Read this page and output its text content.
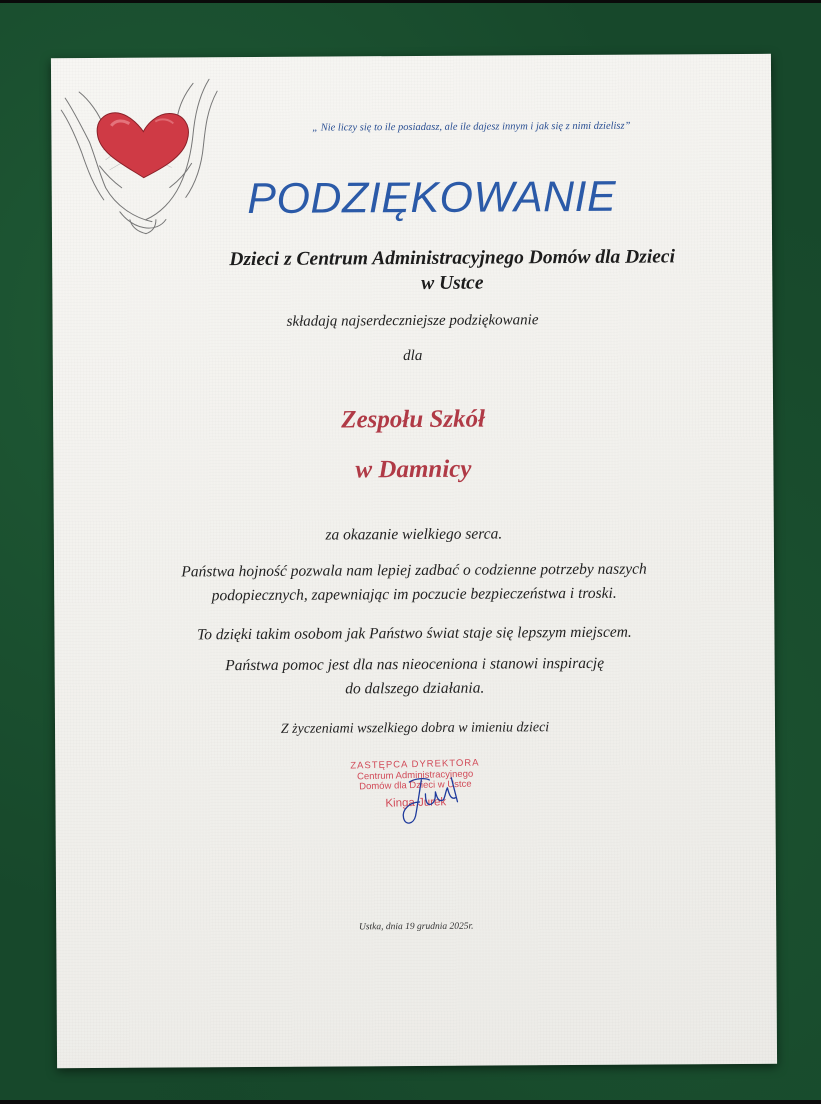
„ Nie liczy się to ile posiadasz, ale ile dajesz innym i jak się z nimi dzielisz”
PODZIĘKOWANIE
Dzieci z Centrum Administracyjnego Domów dla Dzieci
w Ustce
składają najserdeczniejsze podziękowanie
dla
Zespołu Szkół
w Damnicy
za okazanie wielkiego serca.
Państwa hojność pozwala nam lepiej zadbać o codzienne potrzeby naszych
podopiecznych, zapewniając im poczucie bezpieczeństwa i troski.
To dzięki takim osobom jak Państwo świat staje się lepszym miejscem.
Państwa pomoc jest dla nas nieoceniona i stanowi inspirację
do dalszego działania.
Z życzeniami wszelkiego dobra w imieniu dzieci
ZASTĘPCA DYREKTORA
Centrum Administracyjnego
Domów dla Dzieci w Ustce
Kinga Jurek
Ustka, dnia 19 grudnia 2025r.
